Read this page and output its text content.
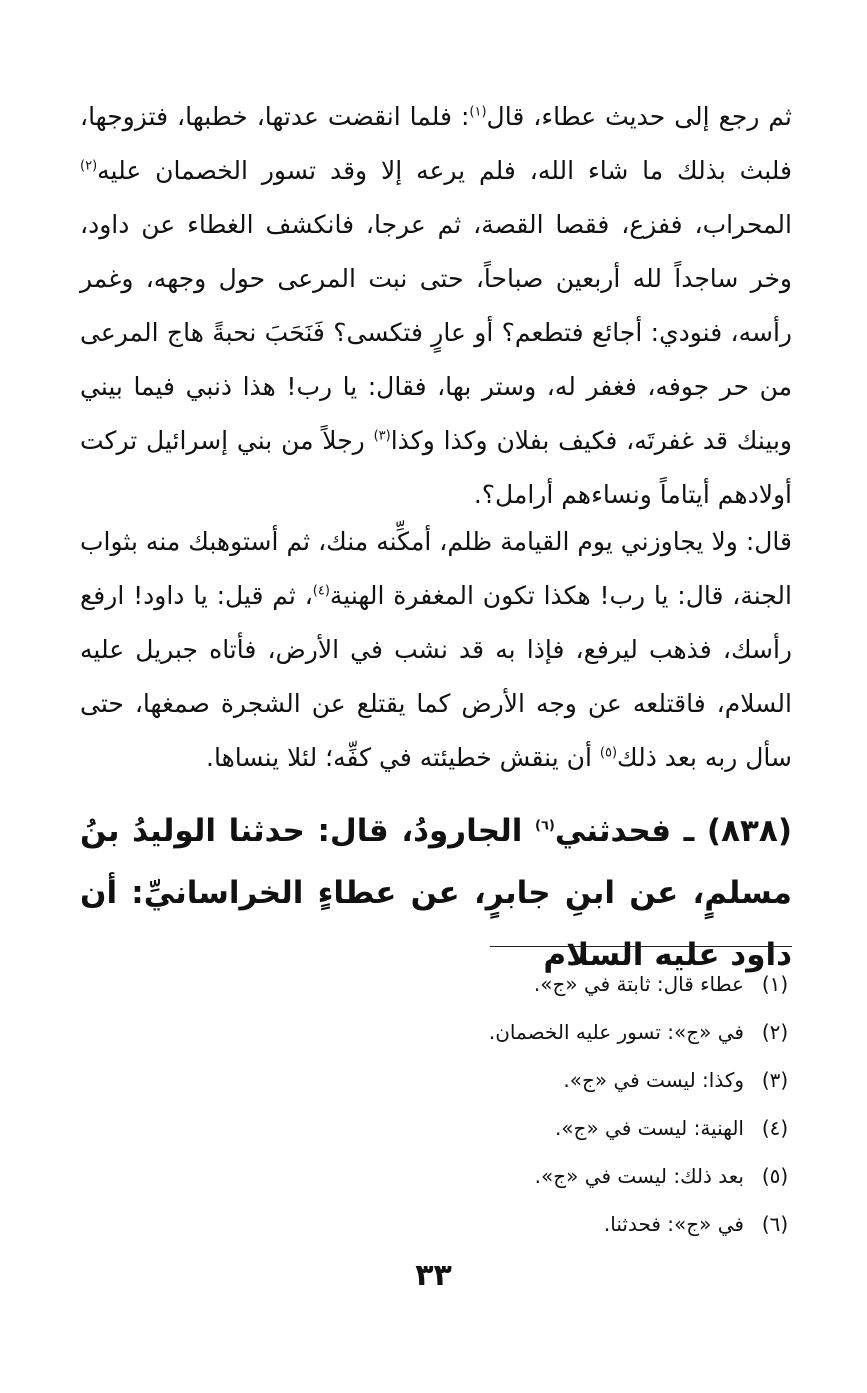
ثم رجع إلى حديث عطاء، قال$^{(١)}$: فلما انقضت عدتها، خطبها، فتزوجها، فلبث بذلك ما شاء الله، فلم يرعه إلا وقد تسور الخصمان عليه$^{(٢)}$ المحراب، ففزع، فقصا القصة، ثم عرجا، فانكشف الغطاء عن داود، وخر ساجداً لله أربعين صباحاً، حتى نبت المرعى حول وجهه، وغمر رأسه، فنودي: أجائع فتطعم؟ أو عارٍ فتكسى؟ فَنَحَبَ نحبةً هاج المرعى من حر جوفه، فغفر له، وستر بها، فقال: يا رب! هذا ذنبي فيما بيني وبينك قد غفرتَه، فكيف بفلان وكذا وكذا$^{(٣)}$ رجلاً من بني إسرائيل تركت أولادهم أيتاماً ونساءهم أرامل؟.

قال: ولا يجاوزني يوم القيامة ظلم، أمكِّنه منك، ثم أستوهبك منه بثواب الجنة، قال: يا رب! هكذا تكون المغفرة الهنية$^{(٤)}$، ثم قيل: يا داود! ارفع رأسك، فذهب ليرفع، فإذا به قد نشب في الأرض، فأتاه جبريل عليه السلام، فاقتلعه عن وجه الأرض كما يقتلع عن الشجرة صمغها، حتى سأل ربه بعد ذلك$^{(٥)}$ أن ينقش خطيئته في كفِّه؛ لئلا ينساها.

(٨٣٨) ـ فحدثني$^{(٦)}$ الجارودُ، قال: حدثنا الوليدُ بنُ مسلمٍ، عن ابنِ جابرٍ، عن عطاءٍ الخراسانيِّ: أن داود عليه السلام

(١)
عطاء قال: ثابتة في «ج».
(٢)
في «ج»: تسور عليه الخصمان.
(٣)
وكذا: ليست في «ج».
(٤)
الهنية: ليست في «ج».
(٥)
بعد ذلك: ليست في «ج».
(٦)
في «ج»: فحدثنا.
٣٣
